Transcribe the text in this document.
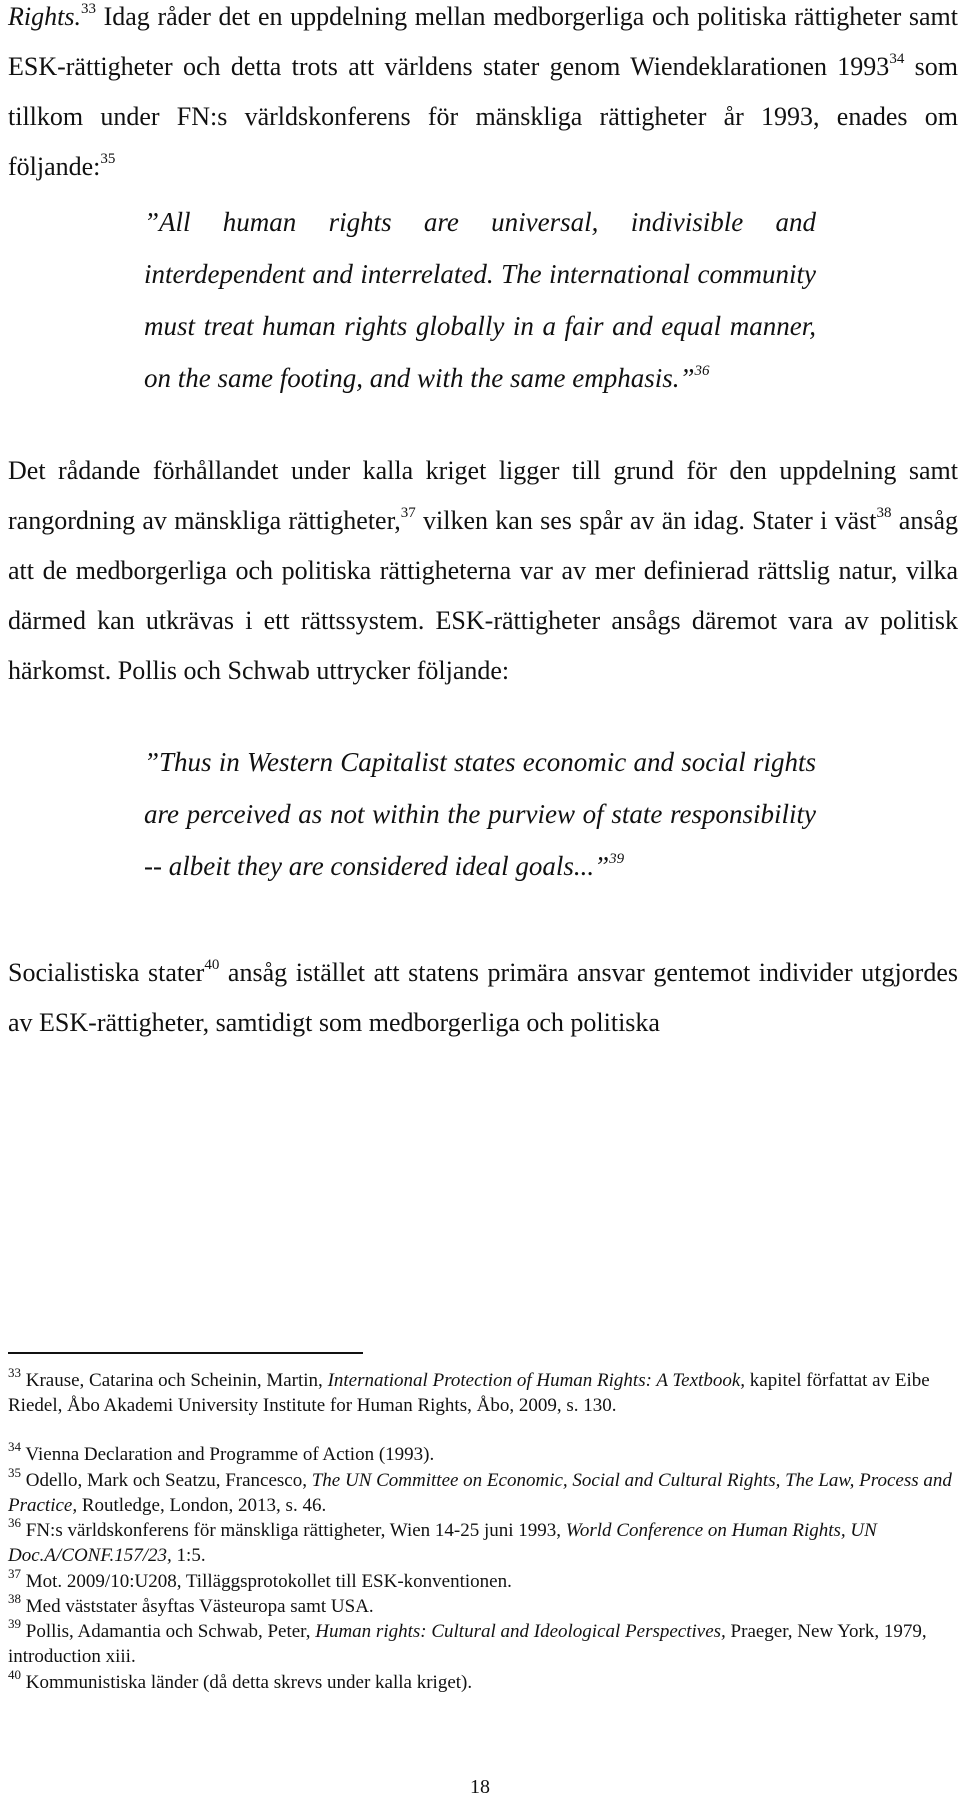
Rights.$^{33}$ Idag råder det en uppdelning mellan medborgerliga och politiska rättigheter samt ESK-rättigheter och detta trots att världens stater genom Wiendeklarationen 1993$^{34}$ som tillkom under FN:s världskonferens för mänskliga rättigheter år 1993, enades om följande:$^{35}$

”All human rights are universal, indivisible and interdependent and interrelated. The international community must treat human rights globally in a fair and equal manner, on the same footing, and with the same emphasis.”$^{36}$

Det rådande förhållandet under kalla kriget ligger till grund för den uppdelning samt rangordning av mänskliga rättigheter,$^{37}$ vilken kan ses spår av än idag. Stater i väst$^{38}$ ansåg att de medborgerliga och politiska rättigheterna var av mer definierad rättslig natur, vilka därmed kan utkrävas i ett rättssystem. ESK-rättigheter ansågs däremot vara av politisk härkomst. Pollis och Schwab uttrycker följande:

”Thus in Western Capitalist states economic and social rights are perceived as not within the purview of state responsibility -- albeit they are considered ideal goals...”$^{39}$

Socialistiska stater$^{40}$ ansåg istället att statens primära ansvar gentemot individer utgjordes av ESK-rättigheter, samtidigt som medborgerliga och politiska

$^{33}$ Krause, Catarina och Scheinin, Martin, International Protection of Human Rights: A Textbook, kapitel författat av Eibe Riedel, Åbo Akademi University Institute for Human Rights, Åbo, 2009, s. 130.

$^{34}$ Vienna Declaration and Programme of Action (1993).

$^{35}$ Odello, Mark och Seatzu, Francesco, The UN Committee on Economic, Social and Cultural Rights, The Law, Process and Practice, Routledge, London, 2013, s. 46.

$^{36}$ FN:s världskonferens för mänskliga rättigheter, Wien 14-25 juni 1993, World Conference on Human Rights, UN Doc.A/CONF.157/23, 1:5.

$^{37}$ Mot. 2009/10:U208, Tilläggsprotokollet till ESK-konventionen.

$^{38}$ Med väststater åsyftas Västeuropa samt USA.

$^{39}$ Pollis, Adamantia och Schwab, Peter, Human rights: Cultural and Ideological Perspectives, Praeger, New York, 1979, introduction xiii.

$^{40}$ Kommunistiska länder (då detta skrevs under kalla kriget).

18
